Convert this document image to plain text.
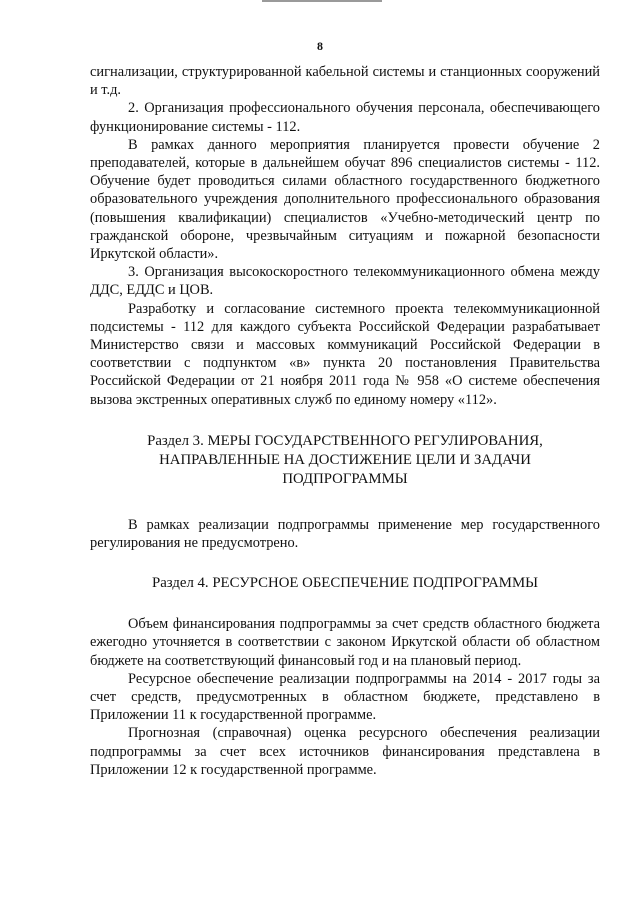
8

сигнализации, структурированной кабельной системы и станционных сооружений и т.д.

2. Организация профессионального обучения персонала, обеспечивающего функционирование системы - 112.

В рамках данного мероприятия планируется провести обучение 2 преподавателей, которые в дальнейшем обучат 896 специалистов системы - 112. Обучение будет проводиться силами областного государственного бюджетного образовательного учреждения дополнительного профессионального образования (повышения квалификации) специалистов «Учебно-методический центр по гражданской обороне, чрезвычайным ситуациям и пожарной безопасности Иркутской области».

3. Организация высокоскоростного телекоммуникационного обмена между ДДС, ЕДДС и ЦОВ.

Разработку и согласование системного проекта телекоммуникационной подсистемы - 112 для каждого субъекта Российской Федерации разрабатывает Министерство связи и массовых коммуникаций Российской Федерации в соответствии с подпунктом «в» пункта 20 постановления Правительства Российской Федерации от 21 ноября 2011 года № 958 «О системе обеспечения вызова экстренных оперативных служб по единому номеру «112».

Раздел 3. МЕРЫ ГОСУДАРСТВЕННОГО РЕГУЛИРОВАНИЯ,

НАПРАВЛЕННЫЕ НА ДОСТИЖЕНИЕ ЦЕЛИ И ЗАДАЧИ

ПОДПРОГРАММЫ

В рамках реализации подпрограммы применение мер государственного регулирования не предусмотрено.

Раздел 4. РЕСУРСНОЕ ОБЕСПЕЧЕНИЕ ПОДПРОГРАММЫ

Объем финансирования подпрограммы за счет средств областного бюджета ежегодно уточняется в соответствии с законом Иркутской области об областном бюджете на соответствующий финансовый год и на плановый период.

Ресурсное обеспечение реализации подпрограммы на 2014 - 2017 годы за счет средств, предусмотренных в областном бюджете, представлено в Приложении 11 к государственной программе.

Прогнозная (справочная) оценка ресурсного обеспечения реализации подпрограммы за счет всех источников финансирования представлена в Приложении 12 к государственной программе.
